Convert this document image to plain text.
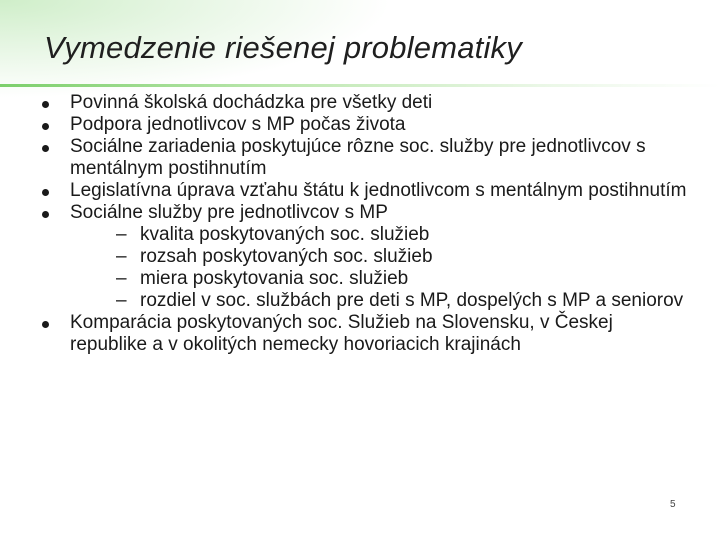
Vymedzenie riešenej problematiky
Povinná školská dochádzka pre všetky deti
Podpora jednotlivcov s MP počas života
Sociálne zariadenia poskytujúce rôzne soc. služby pre jednotlivcov s mentálnym postihnutím
Legislatívna úprava vzťahu štátu k jednotlivcom s mentálnym postihnutím
Sociálne služby pre jednotlivcov s MP
– kvalita poskytovaných soc. služieb
– rozsah poskytovaných soc. služieb
– miera poskytovania soc. služieb
– rozdiel v soc. službách pre deti s MP, dospelých s MP a seniorov
Komparácia poskytovaných soc. Služieb na Slovensku, v Českej republike a v okolitých nemecky hovoriacich krajinách
5
